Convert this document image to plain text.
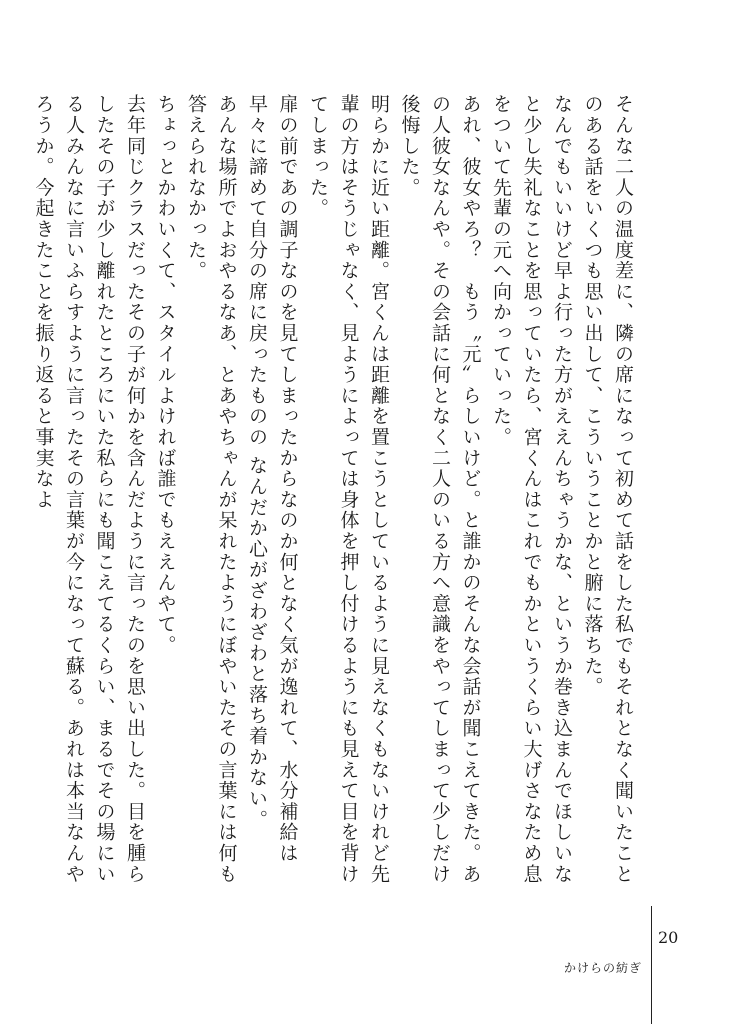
そんな二人の温度差に、隣の席になって初めて話をした私でもそれとなく聞いたことのある話をいくつも思い出して、こういうことかと腑に落ちた。

なんでもいいけど早よ行った方がええんちゃうかな、というか巻き込まんでほしいなと少し失礼なことを思っていたら、宮くんはこれでもかというくらい大げさなため息をついて先輩の元へ向かっていった。

あれ、彼女やろ？　もう〝元〟らしいけど。と誰かのそんな会話が聞こえてきた。あの人彼女なんや。その会話に何となく二人のいる方へ意識をやってしまって少しだけ後悔した。

明らかに近い距離。宮くんは距離を置こうとしているように見えなくもないけれど先輩の方はそうじゃなく、見ようによっては身体を押し付けるようにも見えて目を背けてしまった。

扉の前であの調子なのを見てしまったからなのか何となく気が逸れて、水分補給は早々に諦めて自分の席に戻ったものの なんだか心がざわざわと落ち着かない。

あんな場所でよおやるなあ、とあやちゃんが呆れたようにぼやいたその言葉には何も答えられなかった。

ちょっとかわいくて、スタイルよければ誰でもええんやて。

去年同じクラスだったその子が何かを含んだように言ったのを思い出した。目を腫らしたその子が少し離れたところにいた私らにも聞こえてるくらい、まるでその場にいる人みんなに言いふらすように言ったその言葉が今になって蘇る。あれは本当なんやろうか。今起きたことを振り返ると事実なよ

20
かけらの紡ぎ
